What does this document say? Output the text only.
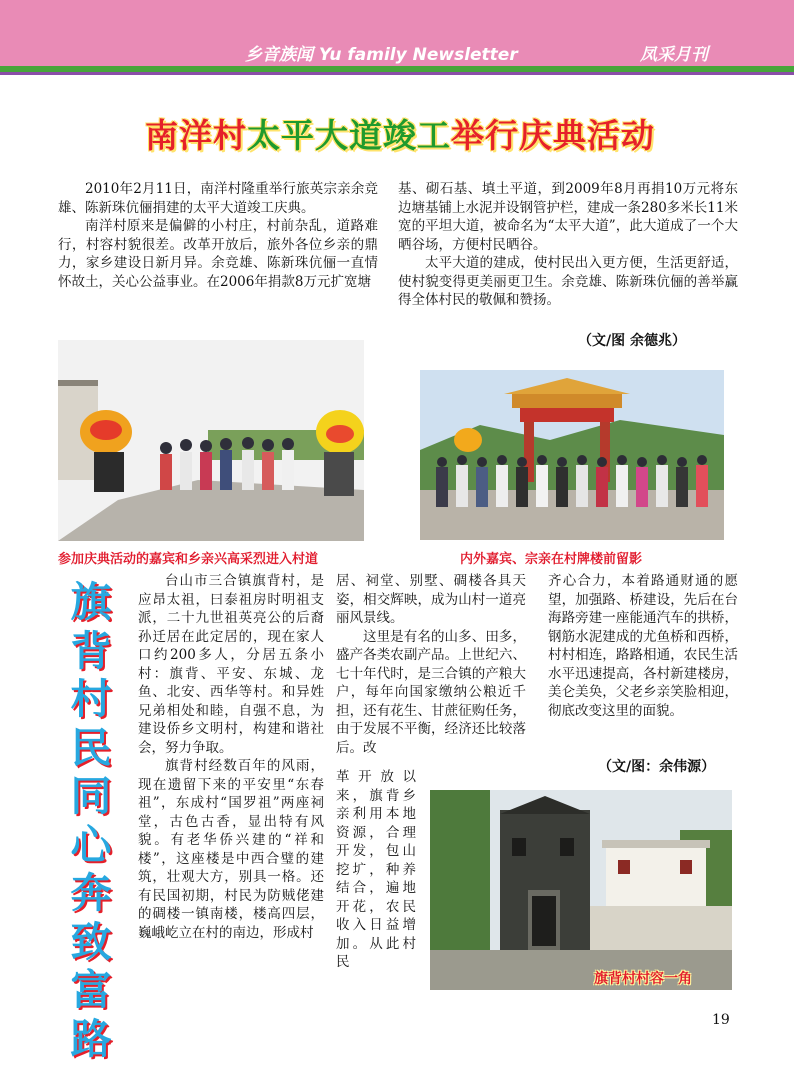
乡音族闻 Yu family Newsletter	凤采月刊
南洋村太平大道竣工举行庆典活动

2010年2月11日，南洋村隆重举行旅英宗亲余竞雄、陈新珠伉俪捐建的太平大道竣工庆典。

南洋村原来是偏僻的小村庄，村前杂乱，道路难行，村容村貌很差。改革开放后，旅外各位乡亲的鼎力，家乡建设日新月异。余竞雄、陈新珠伉俪一直情怀故土，关心公益事业。在2006年捐款8万元扩宽塘

基、砌石基、填土平道，到2009年8月再捐10万元将东边塘基铺上水泥并设钢管护栏，建成一条280多米长11米宽的平坦大道，被命名为“太平大道”，此大道成了一个大晒谷场，方便村民晒谷。

太平大道的建成，使村民出入更方便，生活更舒适，使村貌变得更美丽更卫生。余竞雄、陈新珠伉俪的善举赢得全体村民的敬佩和赞扬。

（文/图 余德兆）
参加庆典活动的嘉宾和乡亲兴高采烈进入村道	内外嘉宾、宗亲在村牌楼前留影
旗
背
村
民
同
心
奔
致
富
路

台山市三合镇旗背村，是应昂太祖，曰泰祖房时明祖支派，二十九世祖英亮公的后裔孙迁居在此定居的，现在家人口约200多人，分居五条小村：旗背、平安、东城、龙鱼、北安、西华等村。和异姓兄弟相处和睦，自强不息，为建设侨乡文明村，构建和谐社会，努力争取。

旗背村经数百年的风雨，现在遗留下来的平安里“东春祖”，东成村“国罗祖”两座祠堂，古色古香，显出特有风貌。有老华侨兴建的“祥和楼”，这座楼是中西合璧的建筑，壮观大方，别具一格。还有民国初期，村民为防贼佬建的碉楼一镇南楼，楼高四层，巍峨屹立在村的南边，形成村

居、祠堂、别墅、碉楼各具天姿，相交辉映，成为山村一道亮丽风景线。

这里是有名的山多、田多，盛产各类农副产品。上世纪六、七十年代时，是三合镇的产粮大户，每年向国家缴纳公粮近千担，还有花生、甘蔗征购任务，由于发展不平衡，经济还比较落后。改

革开放以来，旗背乡亲利用本地资源，合理开发，包山挖圹，种养结合，遍地开花，农民收入日益增加。从此村民

齐心合力，本着路通财通的愿望，加强路、桥建设，先后在台海路旁建一座能通汽车的拱桥，钢筋水泥建成的尤鱼桥和西桥，村村相连，路路相通，农民生活水平迅速提高，各村新建楼房，美仑美奂，父老乡亲笑脸相迎，彻底改变这里的面貌。

（文/图：余伟源）
旗背村村容一角
19
